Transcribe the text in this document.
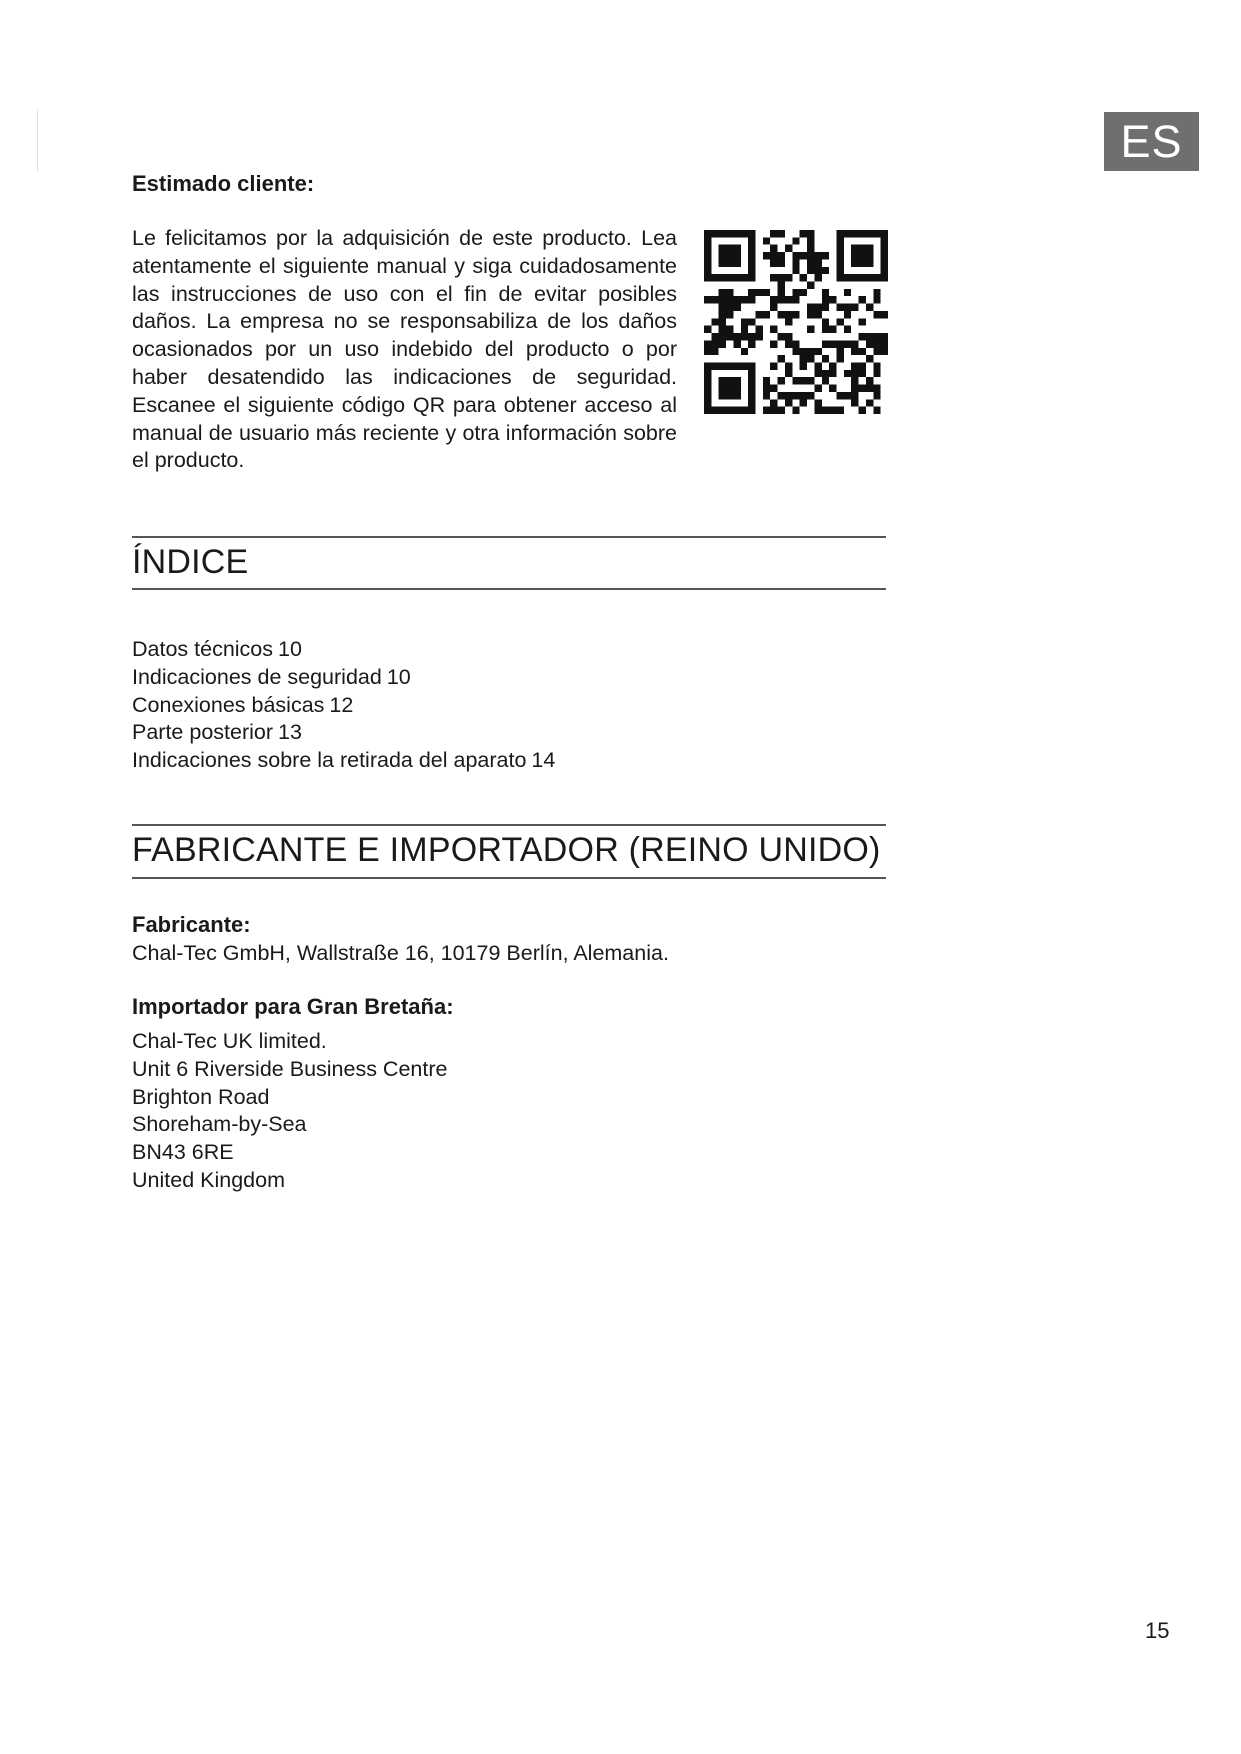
ES
Estimado cliente:

Le felicitamos por la adquisición de este producto. Lea atentamente el siguiente manual y siga cuidadosamente las instrucciones de uso con el fin de evitar posibles daños. La empresa no se responsabiliza de los daños ocasionados por un uso indebido del producto o por haber desatendido las indicaciones de seguridad. Escanee el siguiente código QR para obtener acceso al manual de usuario más reciente y otra información sobre el producto.

ÍNDICE
Datos técnicos 10
Indicaciones de seguridad 10
Conexiones básicas 12
Parte posterior 13
Indicaciones sobre la retirada del aparato 14
FABRICANTE E IMPORTADOR (REINO UNIDO)
Fabricante:
Chal-Tec GmbH, Wallstraße 16, 10179 Berlín, Alemania.
Importador para Gran Bretaña:
Chal-Tec UK limited.
Unit 6 Riverside Business Centre
Brighton Road
Shoreham-by-Sea
BN43 6RE
United Kingdom
15
